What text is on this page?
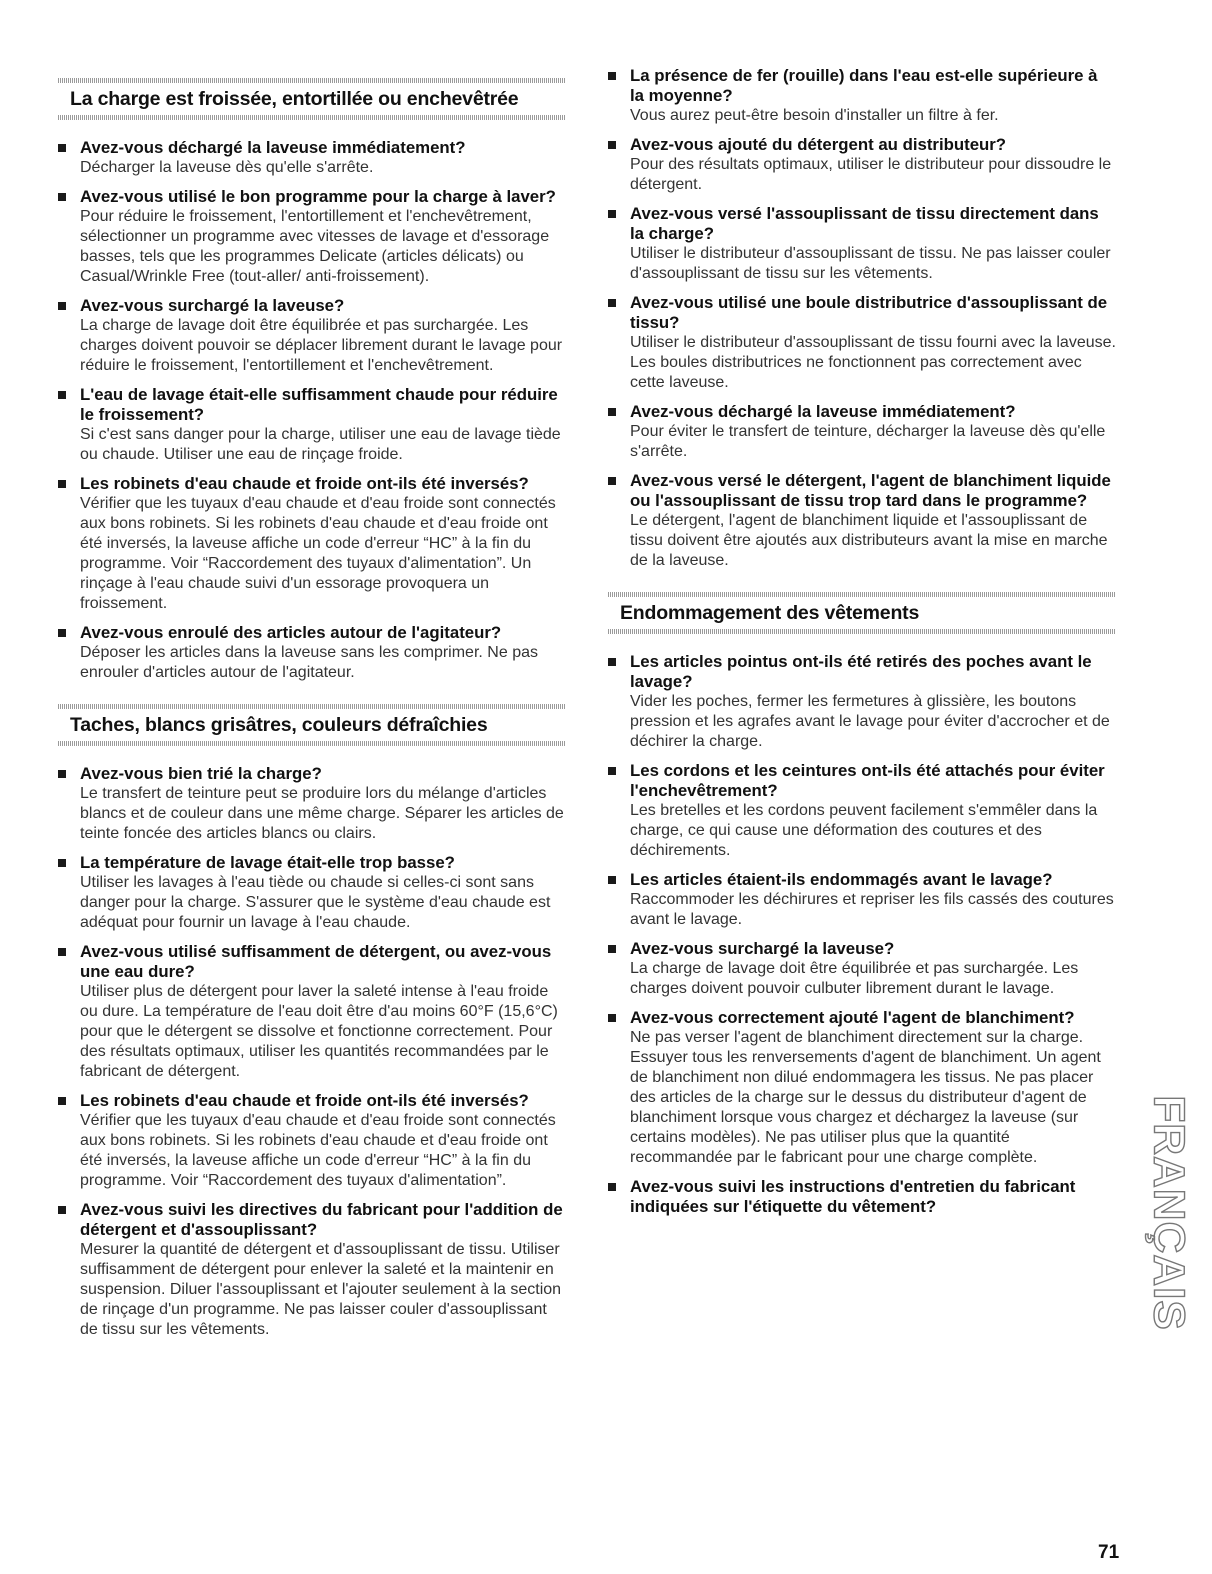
La charge est froissée, entortillée ou enchevêtrée
Avez-vous déchargé la laveuse immédiatement?
Décharger la laveuse dès qu'elle s'arrête.
Avez-vous utilisé le bon programme pour la charge à laver?
Pour réduire le froissement, l'entortillement et l'enchevêtrement, sélectionner un programme avec vitesses de lavage et d'essorage basses, tels que les programmes Delicate (articles délicats) ou Casual/Wrinkle Free (tout-aller/ anti-froissement).
Avez-vous surchargé la laveuse?
La charge de lavage doit être équilibrée et pas surchargée. Les charges doivent pouvoir se déplacer librement durant le lavage pour réduire le froissement, l'entortillement et l'enchevêtrement.
L'eau de lavage était-elle suffisamment chaude pour réduire le froissement?
Si c'est sans danger pour la charge, utiliser une eau de lavage tiède ou chaude. Utiliser une eau de rinçage froide.
Les robinets d'eau chaude et froide ont-ils été inversés?
Vérifier que les tuyaux d'eau chaude et d'eau froide sont connectés aux bons robinets. Si les robinets d'eau chaude et d'eau froide ont été inversés, la laveuse affiche un code d'erreur “HC” à la fin du programme. Voir “Raccordement des tuyaux d'alimentation”. Un rinçage à l'eau chaude suivi d'un essorage provoquera un froissement.
Avez-vous enroulé des articles autour de l'agitateur?
Déposer les articles dans la laveuse sans les comprimer. Ne pas enrouler d'articles autour de l'agitateur.
Taches, blancs grisâtres, couleurs défraîchies
Avez-vous bien trié la charge?
Le transfert de teinture peut se produire lors du mélange d'articles blancs et de couleur dans une même charge. Séparer les articles de teinte foncée des articles blancs ou clairs.
La température de lavage était-elle trop basse?
Utiliser les lavages à l'eau tiède ou chaude si celles-ci sont sans danger pour la charge. S'assurer que le système d'eau chaude est adéquat pour fournir un lavage à l'eau chaude.
Avez-vous utilisé suffisamment de détergent, ou avez-vous une eau dure?
Utiliser plus de détergent pour laver la saleté intense à l'eau froide ou dure. La température de l'eau doit être d'au moins 60°F (15,6°C) pour que le détergent se dissolve et fonctionne correctement. Pour des résultats optimaux, utiliser les quantités recommandées par le fabricant de détergent.
Les robinets d'eau chaude et froide ont-ils été inversés?
Vérifier que les tuyaux d'eau chaude et d'eau froide sont connectés aux bons robinets. Si les robinets d'eau chaude et d'eau froide ont été inversés, la laveuse affiche un code d'erreur “HC” à la fin du programme. Voir “Raccordement des tuyaux d'alimentation”.
Avez-vous suivi les directives du fabricant pour l'addition de détergent et d'assouplissant?
Mesurer la quantité de détergent et d'assouplissant de tissu. Utiliser suffisamment de détergent pour enlever la saleté et la maintenir en suspension. Diluer l'assouplissant et l'ajouter seulement à la section de rinçage d'un programme. Ne pas laisser couler d'assouplissant de tissu sur les vêtements.
La présence de fer (rouille) dans l'eau est-elle supérieure à la moyenne?
Vous aurez peut-être besoin d'installer un filtre à fer.
Avez-vous ajouté du détergent au distributeur?
Pour des résultats optimaux, utiliser le distributeur pour dissoudre le détergent.
Avez-vous versé l'assouplissant de tissu directement dans la charge?
Utiliser le distributeur d'assouplissant de tissu. Ne pas laisser couler d'assouplissant de tissu sur les vêtements.
Avez-vous utilisé une boule distributrice d'assouplissant de tissu?
Utiliser le distributeur d'assouplissant de tissu fourni avec la laveuse. Les boules distributrices ne fonctionnent pas correctement avec cette laveuse.
Avez-vous déchargé la laveuse immédiatement?
Pour éviter le transfert de teinture, décharger la laveuse dès qu'elle s'arrête.
Avez-vous versé le détergent, l'agent de blanchiment liquide ou l'assouplissant de tissu trop tard dans le programme?
Le détergent, l'agent de blanchiment liquide et l'assouplissant de tissu doivent être ajoutés aux distributeurs avant la mise en marche de la laveuse.
Endommagement des vêtements
Les articles pointus ont-ils été retirés des poches avant le lavage?
Vider les poches, fermer les fermetures à glissière, les boutons pression et les agrafes avant le lavage pour éviter d'accrocher et de déchirer la charge.
Les cordons et les ceintures ont-ils été attachés pour éviter l'enchevêtrement?
Les bretelles et les cordons peuvent facilement s'emmêler dans la charge, ce qui cause une déformation des coutures et des déchirements.
Les articles étaient-ils endommagés avant le lavage?
Raccommoder les déchirures et repriser les fils cassés des coutures avant le lavage.
Avez-vous surchargé la laveuse?
La charge de lavage doit être équilibrée et pas surchargée. Les charges doivent pouvoir culbuter librement durant le lavage.
Avez-vous correctement ajouté l'agent de blanchiment?
Ne pas verser l'agent de blanchiment directement sur la charge. Essuyer tous les renversements d'agent de blanchiment. Un agent de blanchiment non dilué endommagera les tissus. Ne pas placer des articles de la charge sur le dessus du distributeur d'agent de blanchiment lorsque vous chargez et déchargez la laveuse (sur certains modèles). Ne pas utiliser plus que la quantité recommandée par le fabricant pour une charge complète.
Avez-vous suivi les instructions d'entretien du fabricant indiquées sur l'étiquette du vêtement?	FRANÇAIS
71
